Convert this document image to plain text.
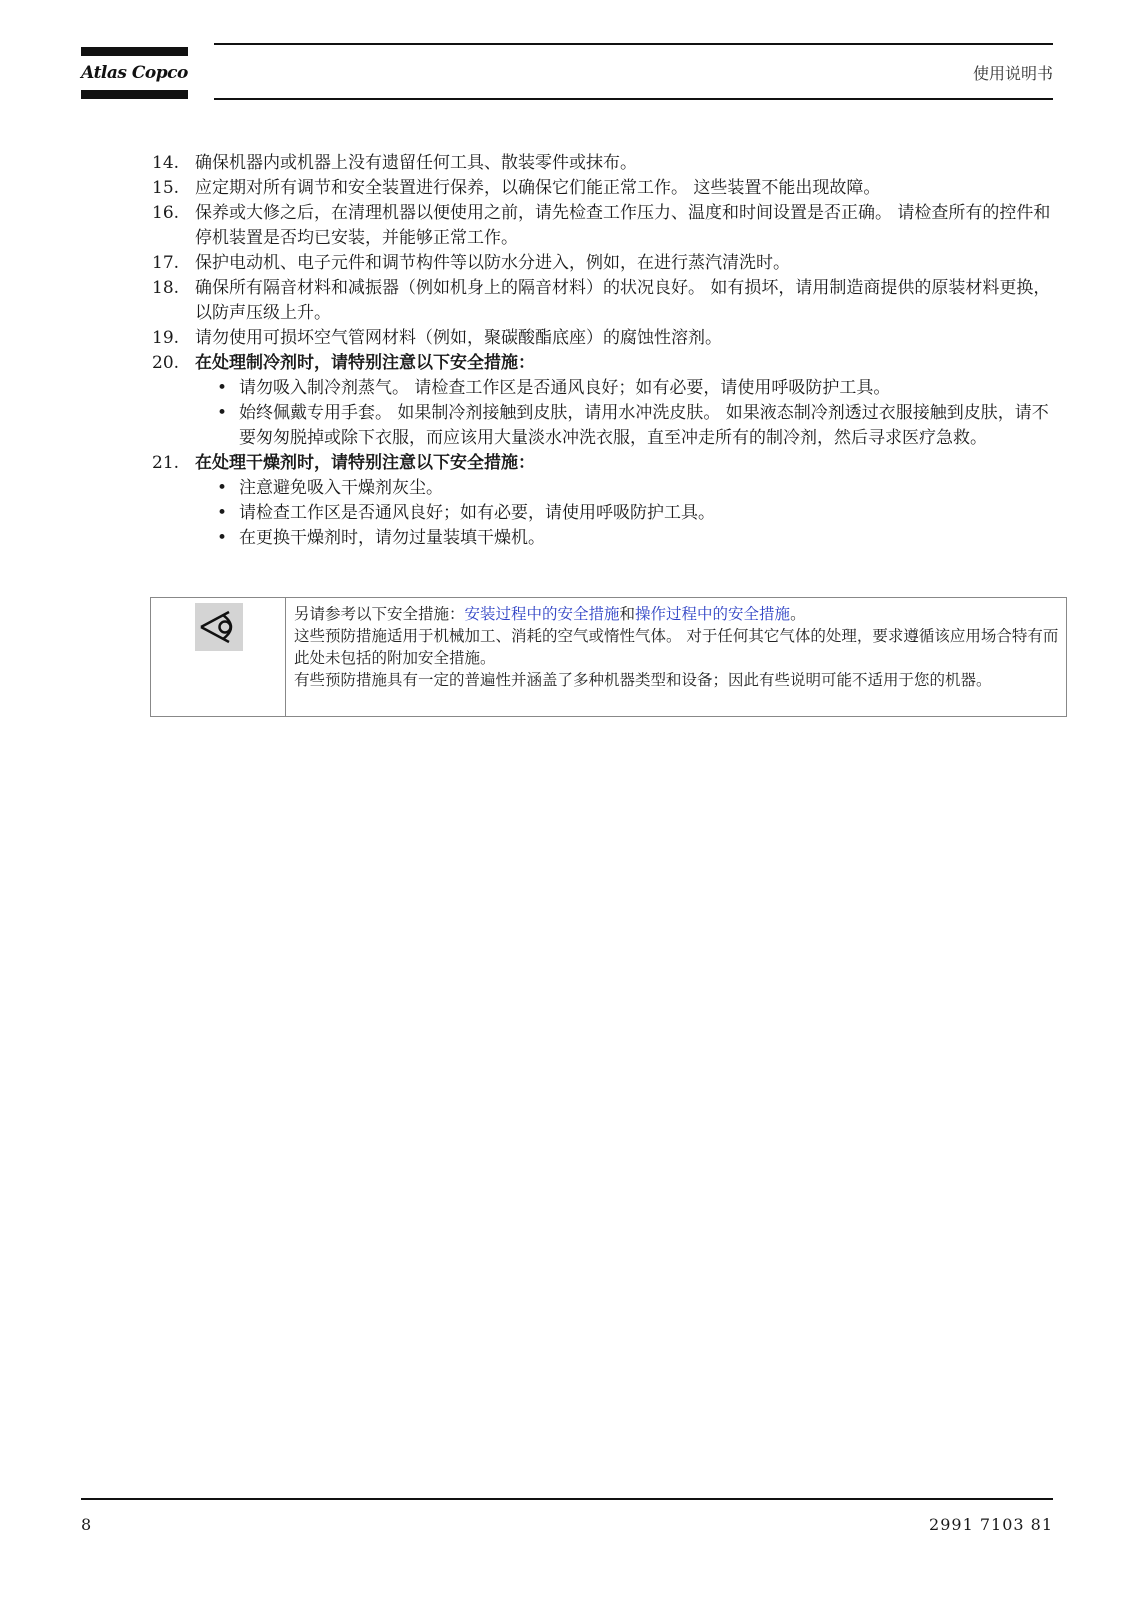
Atlas Copco	使用说明书
14. 确保机器内或机器上没有遗留任何工具、散装零件或抹布。
15. 应定期对所有调节和安全装置进行保养，以确保它们能正常工作。 这些装置不能出现故障。
16. 保养或大修之后，在清理机器以便使用之前，请先检查工作压力、温度和时间设置是否正确。 请检查所有的控件和停机装置是否均已安装，并能够正常工作。
17. 保护电动机、电子元件和调节构件等以防水分进入，例如，在进行蒸汽清洗时。
18. 确保所有隔音材料和减振器（例如机身上的隔音材料）的状况良好。 如有损坏，请用制造商提供的原装材料更换，以防声压级上升。
19. 请勿使用可损坏空气管网材料（例如，聚碳酸酯底座）的腐蚀性溶剂。
20. 在处理制冷剂时，请特别注意以下安全措施：
• 请勿吸入制冷剂蒸气。 请检查工作区是否通风良好；如有必要，请使用呼吸防护工具。
• 始终佩戴专用手套。 如果制冷剂接触到皮肤，请用水冲洗皮肤。 如果液态制冷剂透过衣服接触到皮肤，请不要匆匆脱掉或除下衣服，而应该用大量淡水冲洗衣服，直至冲走所有的制冷剂，然后寻求医疗急救。
21. 在处理干燥剂时，请特别注意以下安全措施：
• 注意避免吸入干燥剂灰尘。
• 请检查工作区是否通风良好；如有必要，请使用呼吸防护工具。
• 在更换干燥剂时，请勿过量装填干燥机。

另请参考以下安全措施：安装过程中的安全措施和操作过程中的安全措施。

这些预防措施适用于机械加工、消耗的空气或惰性气体。 对于任何其它气体的处理，要求遵循该应用场合特有而此处未包括的附加安全措施。

有些预防措施具有一定的普遍性并涵盖了多种机器类型和设备；因此有些说明可能不适用于您的机器。

8	2991 7103 81
